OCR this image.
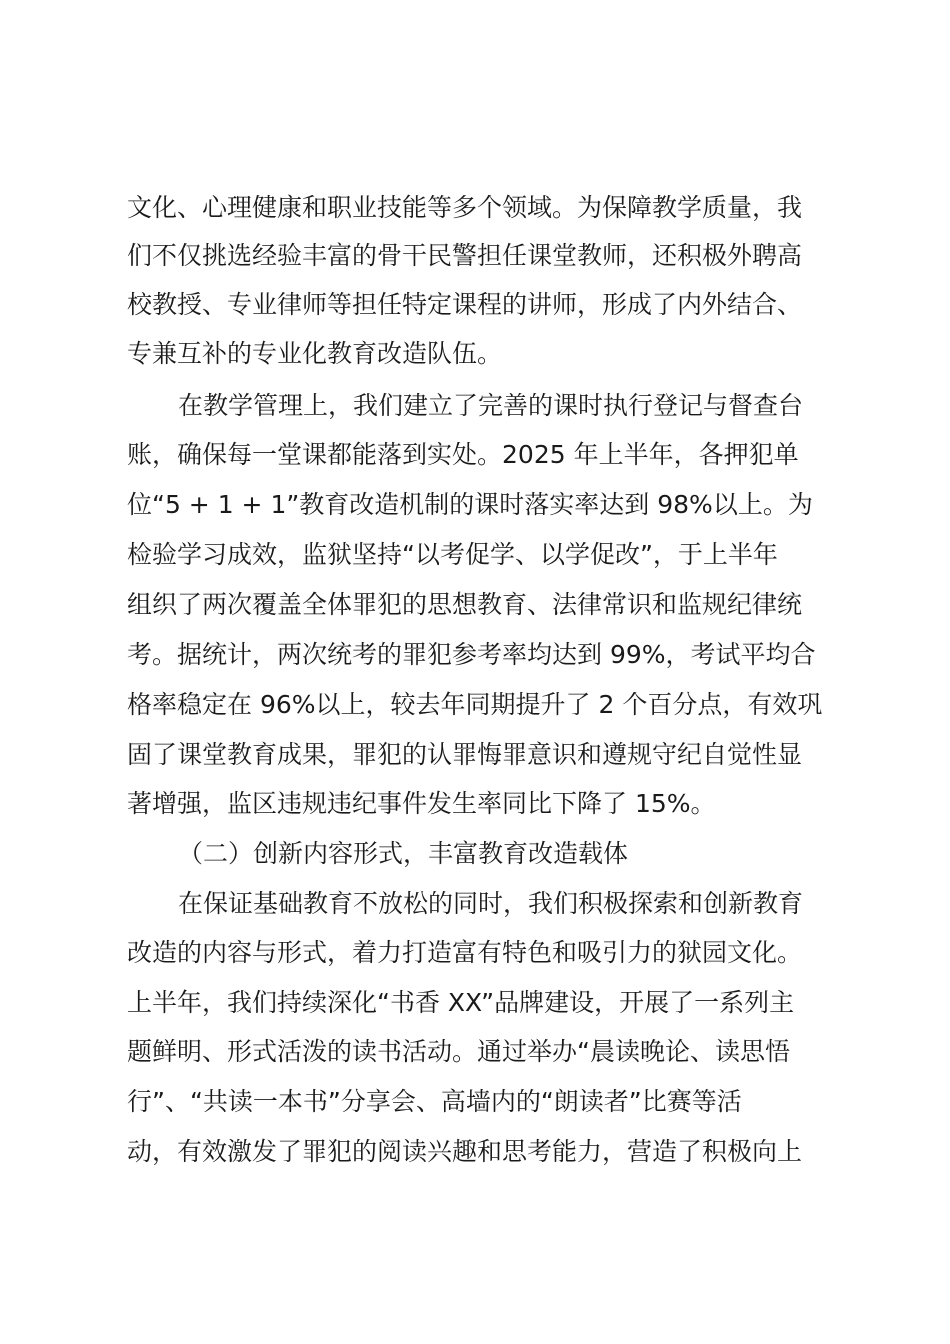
文化、心理健康和职业技能等多个领域。为保障教学质量，我
们不仅挑选经验丰富的骨干民警担任课堂教师，还积极外聘高
校教授、专业律师等担任特定课程的讲师，形成了内外结合、
专兼互补的专业化教育改造队伍。
在教学管理上，我们建立了完善的课时执行登记与督查台
账，确保每一堂课都能落到实处。2025 年上半年，各押犯单
位“5 + 1 + 1”教育改造机制的课时落实率达到 98%以上。为
检验学习成效，监狱坚持“以考促学、以学促改”，于上半年
组织了两次覆盖全体罪犯的思想教育、法律常识和监规纪律统
考。据统计，两次统考的罪犯参考率均达到 99%，考试平均合
格率稳定在 96%以上，较去年同期提升了 2 个百分点，有效巩
固了课堂教育成果，罪犯的认罪悔罪意识和遵规守纪自觉性显
著增强，监区违规违纪事件发生率同比下降了 15%。
（二）创新内容形式，丰富教育改造载体
在保证基础教育不放松的同时，我们积极探索和创新教育
改造的内容与形式，着力打造富有特色和吸引力的狱园文化。
上半年，我们持续深化“书香 XX”品牌建设，开展了一系列主
题鲜明、形式活泼的读书活动。通过举办“晨读晚论、读思悟
行”、“共读一本书”分享会、高墙内的“朗读者”比赛等活
动，有效激发了罪犯的阅读兴趣和思考能力，营造了积极向上
